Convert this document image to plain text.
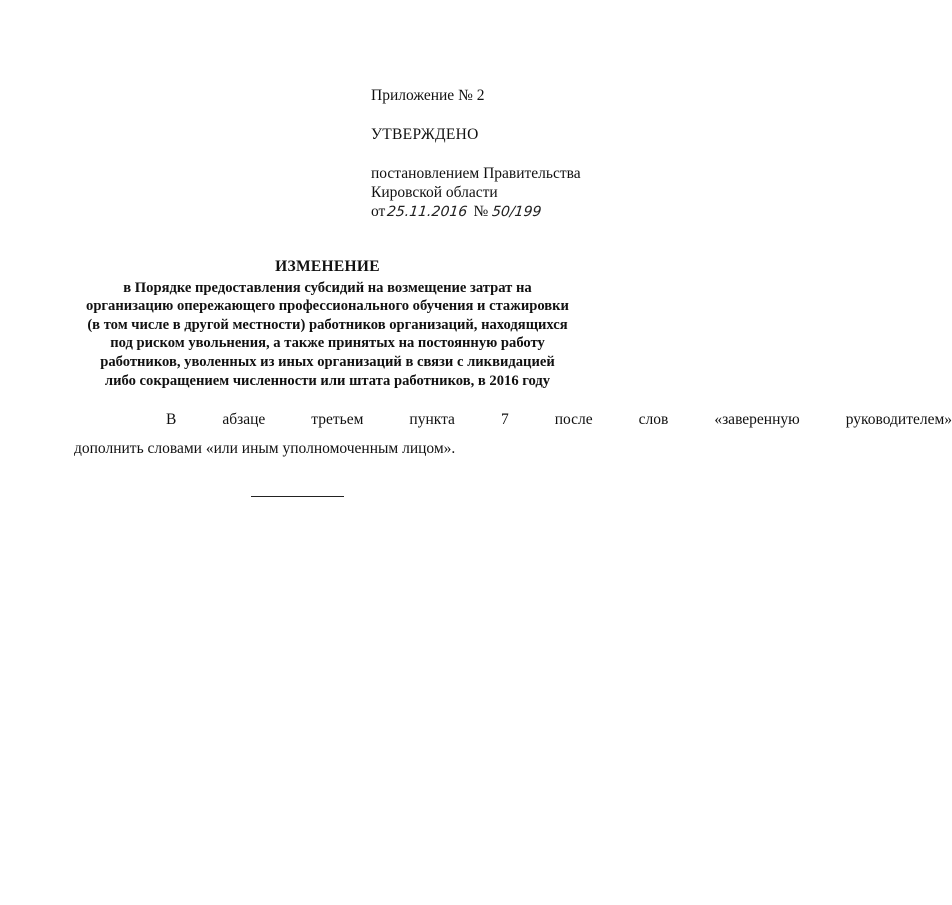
Приложение № 2
УТВЕРЖДЕНО
постановлением Правительства
Кировской области
от 25.11.2016 № 50/199
ИЗМЕНЕНИЕ
в Порядке предоставления субсидий на возмещение затрат на
организацию опережающего профессионального обучения и стажировки
(в том числе в другой местности) работников организаций, находящихся
под риском увольнения, а также принятых на постоянную работу
работников, уволенных из иных организаций в связи с ликвидацией
либо сокращением численности или штата работников, в 2016 году
В	абзаце	третьем	пункта	7	после	слов	«заверенную	руководителем»
дополнить словами «или иным уполномоченным лицом».
